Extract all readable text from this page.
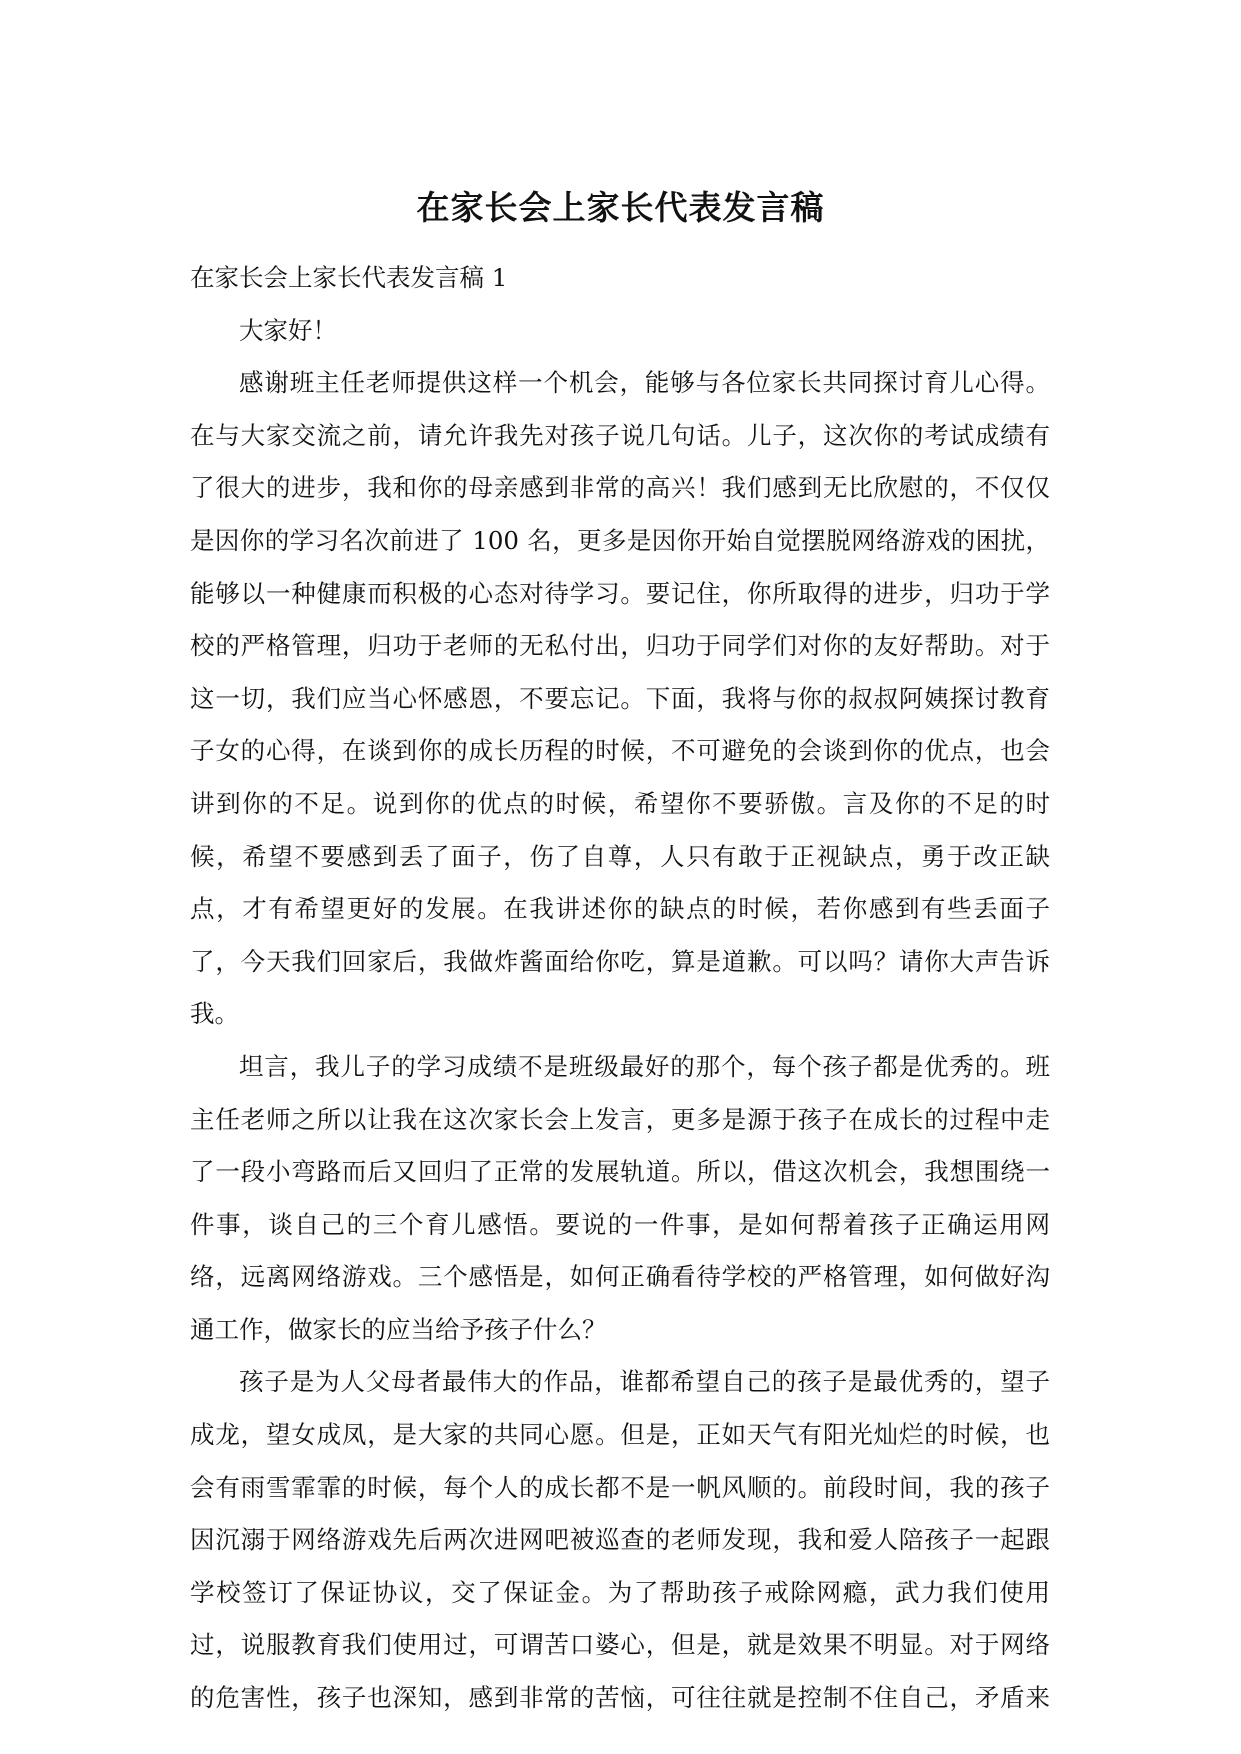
在家长会上家长代表发言稿
在家长会上家长代表发言稿 1
大家好！
感谢班主任老师提供这样一个机会，能够与各位家长共同探讨育儿心得。
在与大家交流之前，请允许我先对孩子说几句话。儿子，这次你的考试成绩有
了很大的进步，我和你的母亲感到非常的高兴！我们感到无比欣慰的，不仅仅
是因你的学习名次前进了 100 名，更多是因你开始自觉摆脱网络游戏的困扰，
能够以一种健康而积极的心态对待学习。要记住，你所取得的进步，归功于学
校的严格管理，归功于老师的无私付出，归功于同学们对你的友好帮助。对于
这一切，我们应当心怀感恩，不要忘记。下面，我将与你的叔叔阿姨探讨教育
子女的心得，在谈到你的成长历程的时候，不可避免的会谈到你的优点，也会
讲到你的不足。说到你的优点的时候，希望你不要骄傲。言及你的不足的时
候，希望不要感到丢了面子，伤了自尊，人只有敢于正视缺点，勇于改正缺
点，才有希望更好的发展。在我讲述你的缺点的时候，若你感到有些丢面子
了，今天我们回家后，我做炸酱面给你吃，算是道歉。可以吗？请你大声告诉
我。
坦言，我儿子的学习成绩不是班级最好的那个，每个孩子都是优秀的。班
主任老师之所以让我在这次家长会上发言，更多是源于孩子在成长的过程中走
了一段小弯路而后又回归了正常的发展轨道。所以，借这次机会，我想围绕一
件事，谈自己的三个育儿感悟。要说的一件事，是如何帮着孩子正确运用网
络，远离网络游戏。三个感悟是，如何正确看待学校的严格管理，如何做好沟
通工作，做家长的应当给予孩子什么？
孩子是为人父母者最伟大的作品，谁都希望自己的孩子是最优秀的，望子
成龙，望女成凤，是大家的共同心愿。但是，正如天气有阳光灿烂的时候，也
会有雨雪霏霏的时候，每个人的成长都不是一帆风顺的。前段时间，我的孩子
因沉溺于网络游戏先后两次进网吧被巡查的老师发现，我和爱人陪孩子一起跟
学校签订了保证协议，交了保证金。为了帮助孩子戒除网瘾，武力我们使用
过，说服教育我们使用过，可谓苦口婆心，但是，就是效果不明显。对于网络
的危害性，孩子也深知，感到非常的苦恼，可往往就是控制不住自己，矛盾来
